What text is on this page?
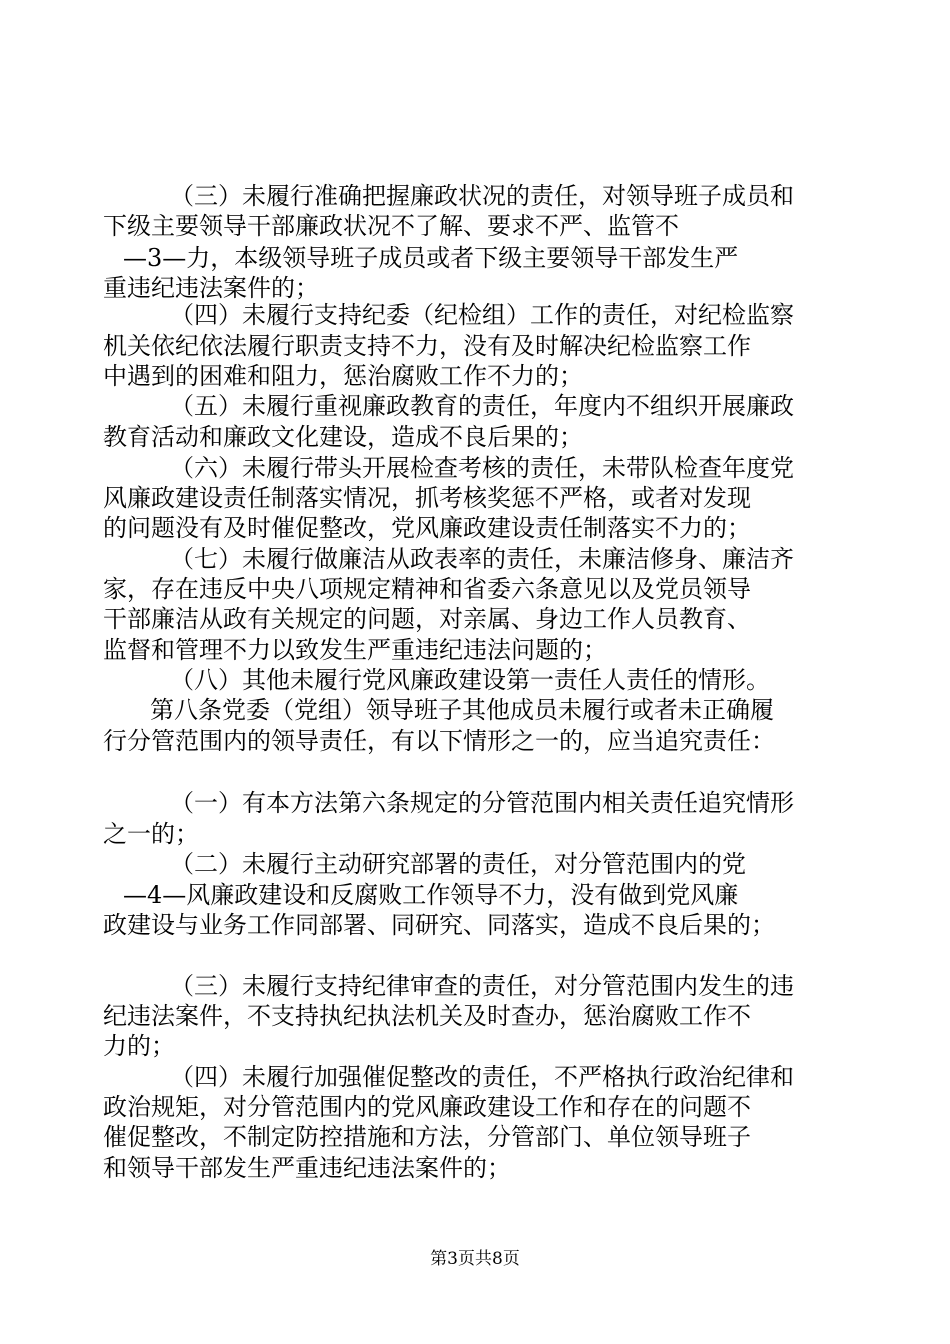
（三）未履行准确把握廉政状况的责任，对领导班子成员和
下级主要领导干部廉政状况不了解、要求不严、监管不
—3—力，本级领导班子成员或者下级主要领导干部发生严
重违纪违法案件的；
（四）未履行支持纪委（纪检组）工作的责任，对纪检监察
机关依纪依法履行职责支持不力，没有及时解决纪检监察工作
中遇到的困难和阻力，惩治腐败工作不力的；
（五）未履行重视廉政教育的责任，年度内不组织开展廉政
教育活动和廉政文化建设，造成不良后果的；
（六）未履行带头开展检查考核的责任，未带队检查年度党
风廉政建设责任制落实情况，抓考核奖惩不严格，或者对发现
的问题没有及时催促整改，党风廉政建设责任制落实不力的；
（七）未履行做廉洁从政表率的责任，未廉洁修身、廉洁齐
家，存在违反中央八项规定精神和省委六条意见以及党员领导
干部廉洁从政有关规定的问题，对亲属、身边工作人员教育、
监督和管理不力以致发生严重违纪违法问题的；
（八）其他未履行党风廉政建设第一责任人责任的情形。
第八条党委（党组）领导班子其他成员未履行或者未正确履
行分管范围内的领导责任，有以下情形之一的，应当追究责任：
（一）有本方法第六条规定的分管范围内相关责任追究情形
之一的；
（二）未履行主动研究部署的责任，对分管范围内的党
—4—风廉政建设和反腐败工作领导不力，没有做到党风廉
政建设与业务工作同部署、同研究、同落实，造成不良后果的；
（三）未履行支持纪律审查的责任，对分管范围内发生的违
纪违法案件，不支持执纪执法机关及时查办，惩治腐败工作不
力的；
（四）未履行加强催促整改的责任，不严格执行政治纪律和
政治规矩，对分管范围内的党风廉政建设工作和存在的问题不
催促整改，不制定防控措施和方法，分管部门、单位领导班子
和领导干部发生严重违纪违法案件的；
第3页共8页
